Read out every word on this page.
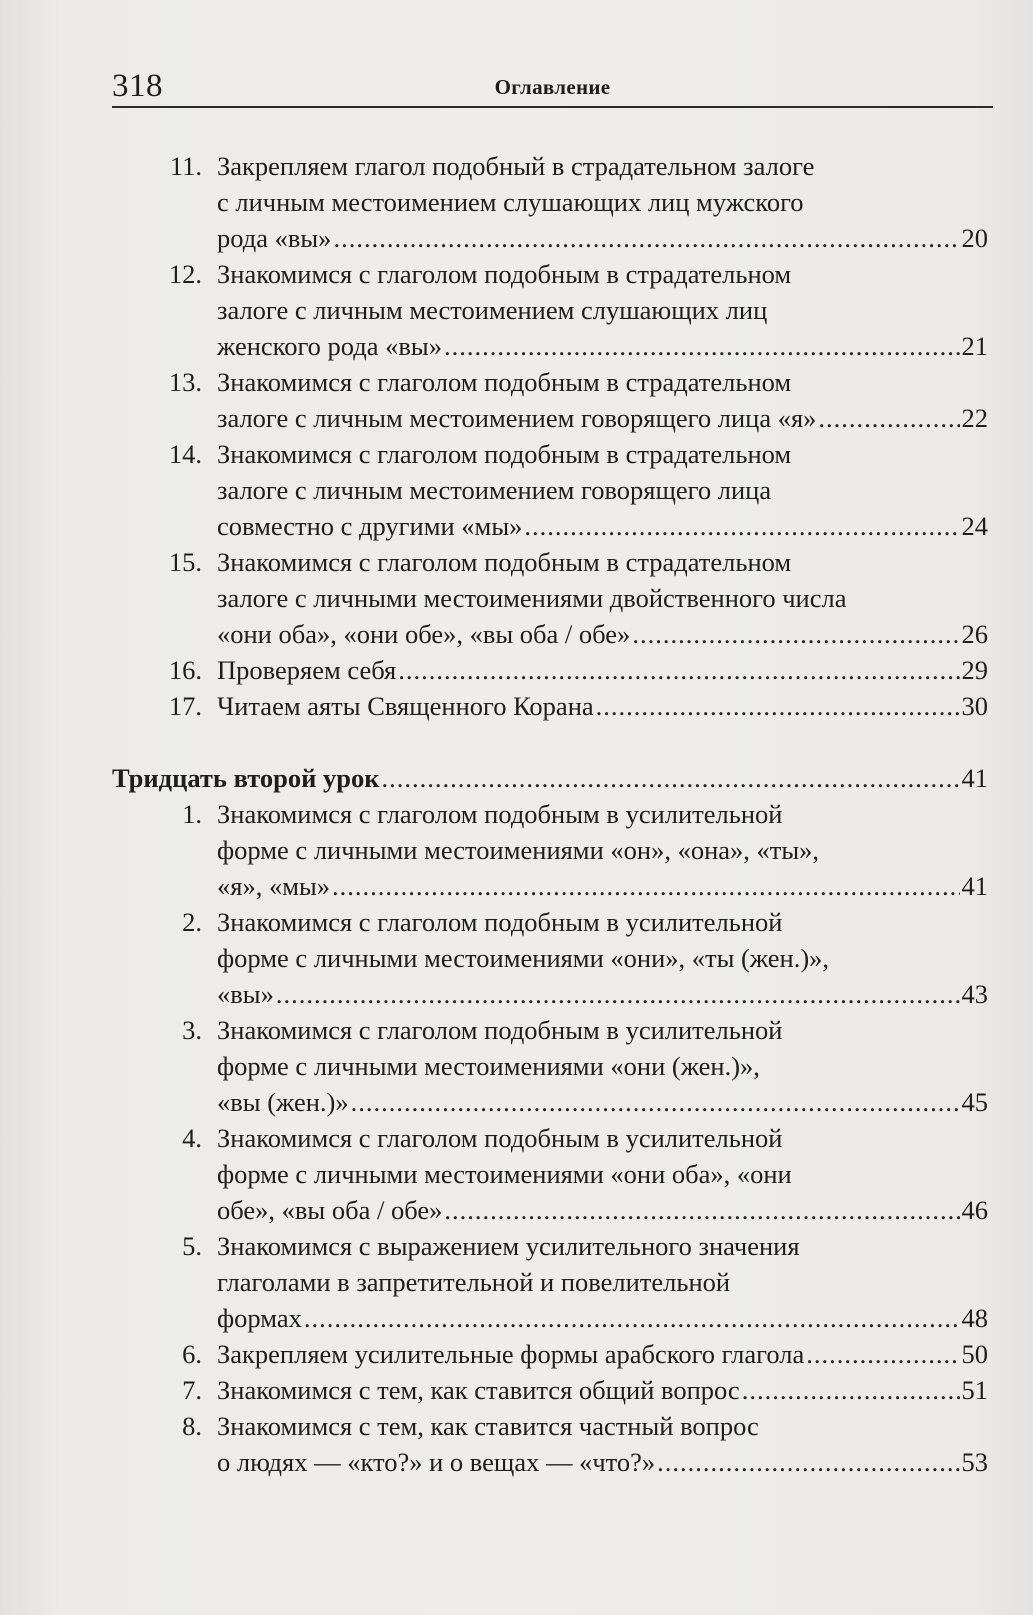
318	Оглавление
11. Закрепляем глагол подобный в страдательном залоге
с личным местоимением слушающих лиц мужского
рода «вы» .....	20
12. Знакомимся с глаголом подобным в страдательном
залоге с личным местоимением слушающих лиц
женского рода «вы» .....	21
13. Знакомимся с глаголом подобным в страдательном
залоге с личным местоимением говорящего лица «я» .....	22
14. Знакомимся с глаголом подобным в страдательном
залоге с личным местоимением говорящего лица
совместно с другими «мы» .....	24
15. Знакомимся с глаголом подобным в страдательном
залоге с личными местоимениями двойственного числа
«они оба», «они обе», «вы оба / обе» .....	26
16. Проверяем себя .....	29
17. Читаем аяты Священного Корана .....	30
Тридцать второй урок .....	41
1. Знакомимся с глаголом подобным в усилительной
форме с личными местоимениями «он», «она», «ты»,
«я», «мы» .....	41
2. Знакомимся с глаголом подобным в усилительной
форме с личными местоимениями «они», «ты (жен.)»,
«вы» .....	43
3. Знакомимся с глаголом подобным в усилительной
форме с личными местоимениями «они (жен.)»,
«вы (жен.)» .....	45
4. Знакомимся с глаголом подобным в усилительной
форме с личными местоимениями «они оба», «они
обе», «вы оба / обе» .....	46
5. Знакомимся с выражением усилительного значения
глаголами в запретительной и повелительной
формах .....	48
6. Закрепляем усилительные формы арабского глагола .....	50
7. Знакомимся с тем, как ставится общий вопрос .....	51
8. Знакомимся с тем, как ставится частный вопрос
о людях — «кто?» и о вещах — «что?» .....	53
